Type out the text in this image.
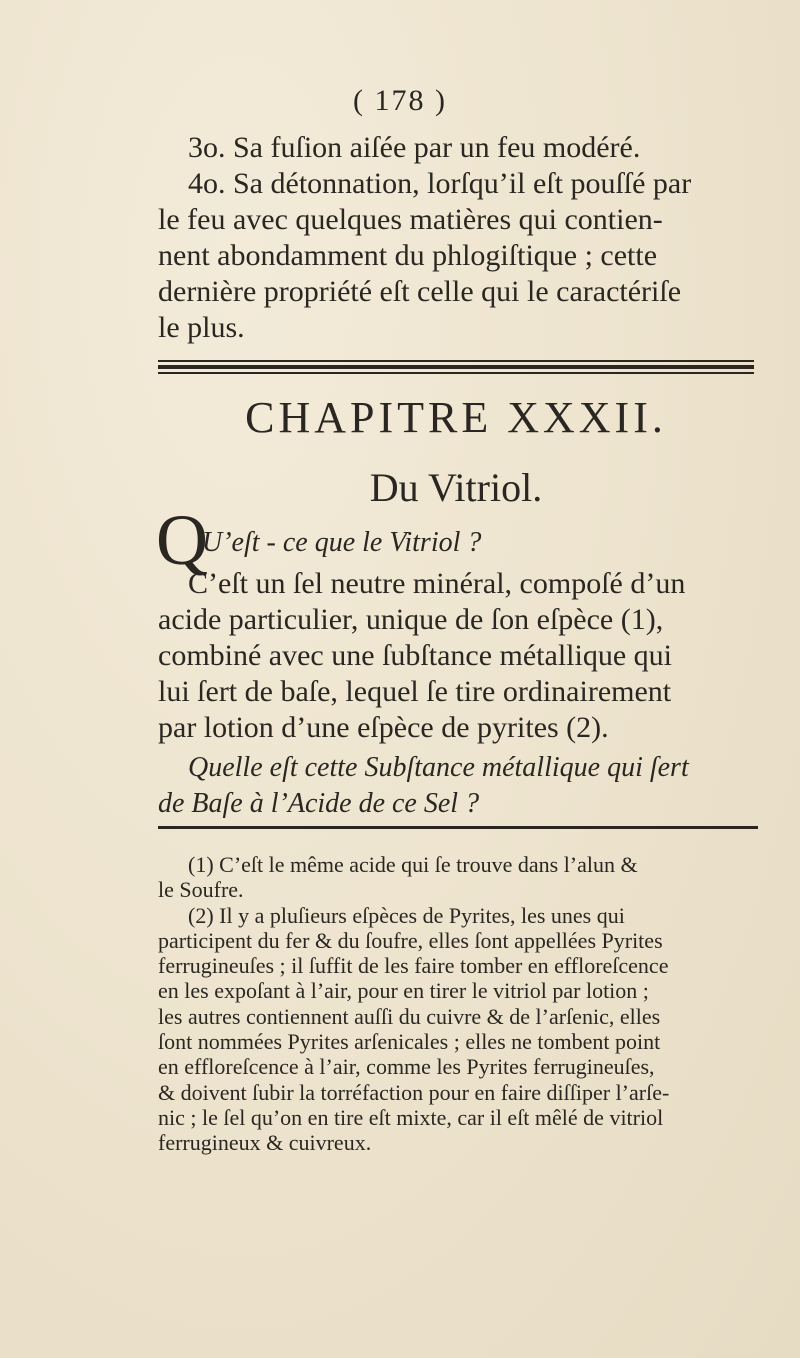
( 178 )
3o. Sa fuſion aiſée par un feu modéré.
4o. Sa détonnation, lorſqu’il eſt pouſſé par
le feu avec quelques matières qui contien-
nent abondamment du phlogiſtique ; cette
dernière propriété eſt celle qui le caractériſe
le plus.
CHAPITRE XXXII.
Du Vitriol.
Q
U’eſt - ce que le Vitriol ?
C’eſt un ſel neutre minéral, compoſé d’un
acide particulier, unique de ſon eſpèce (1),
combiné avec une ſubſtance métallique qui
lui ſert de baſe, lequel ſe tire ordinairement
par lotion d’une eſpèce de pyrites (2).
Quelle eſt cette Subſtance métallique qui ſert
de Baſe à l’Acide de ce Sel ?
(1) C’eſt le même acide qui ſe trouve dans l’alun &
le Soufre.
(2) Il y a pluſieurs eſpèces de Pyrites, les unes qui
participent du fer & du ſoufre, elles ſont appellées Pyrites
ferrugineuſes ; il ſuffit de les faire tomber en effloreſcence
en les expoſant à l’air, pour en tirer le vitriol par lotion ;
les autres contiennent auſſi du cuivre & de l’arſenic, elles
ſont nommées Pyrites arſenicales ; elles ne tombent point
en effloreſcence à l’air, comme les Pyrites ferrugineuſes,
& doivent ſubir la torréfaction pour en faire diſſiper l’arſe-
nic ; le ſel qu’on en tire eſt mixte, car il eſt mêlé de vitriol
ferrugineux & cuivreux.
